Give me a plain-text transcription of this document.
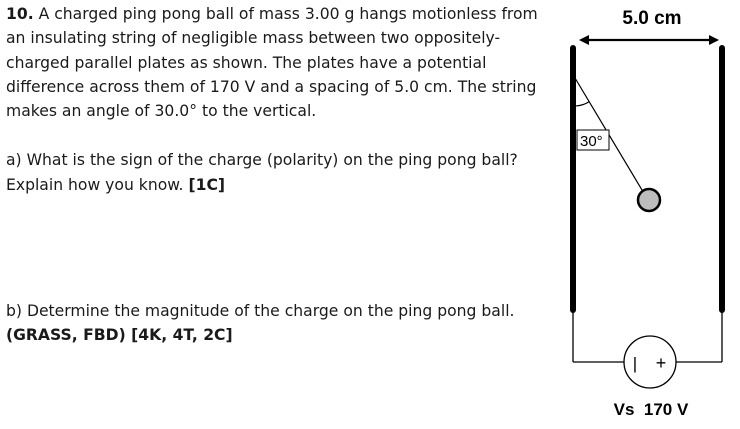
10. A charged ping pong ball of mass 3.00 g hangs motionless from an insulating string of negligible mass between two oppositely-charged parallel plates as shown. The plates have a potential difference across them of 170 V and a spacing of 5.0 cm. The string makes an angle of 30.0° to the vertical.

a) What is the sign of the charge (polarity) on the ping pong ball? Explain how you know. [1C]

b) Determine the magnitude of the charge on the ping pong ball.
(GRASS, FBD) [4K, 4T, 2C]
5.0 cm
30°
| +
Vs  170 V
